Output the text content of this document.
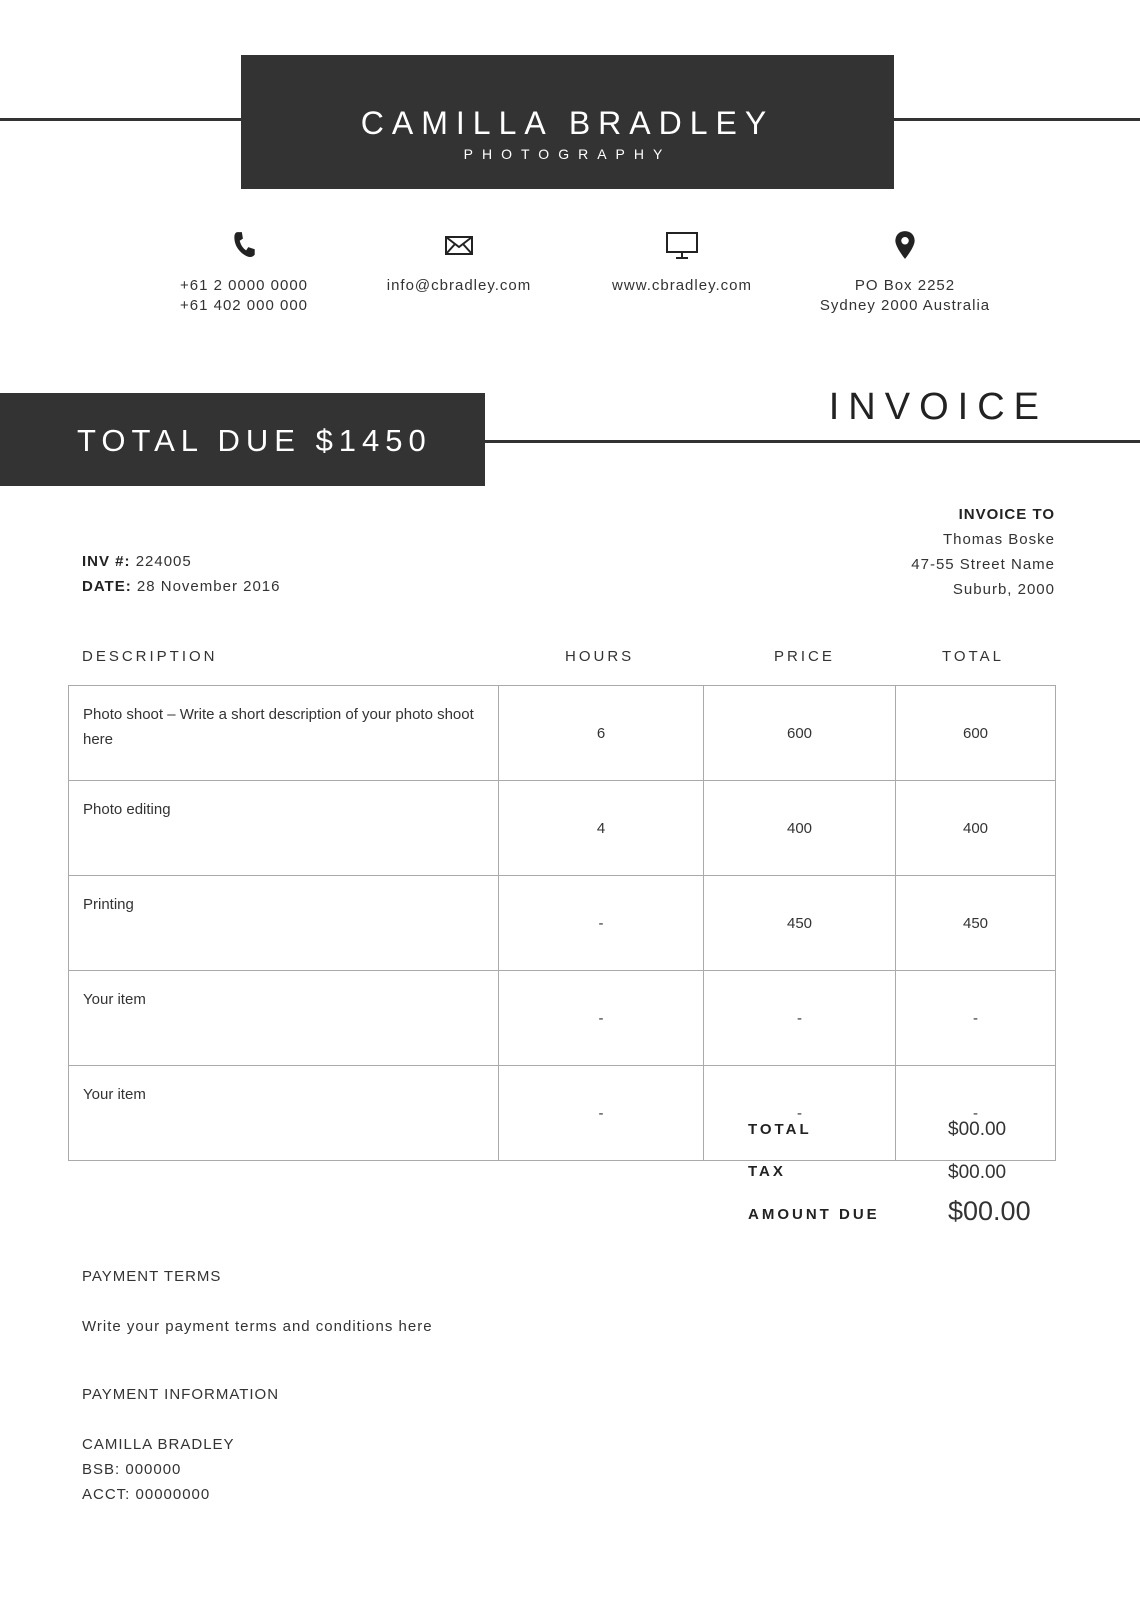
CAMILLA BRADLEY
PHOTOGRAPHY
+61 2 0000 0000
+61 402 000 000
info@cbradley.com	www.cbradley.com	PO Box 2252
Sydney 2000 Australia
TOTAL DUE $1450
INVOICE
INV #: 224005
DATE: 28 November 2016
INVOICE TO
Thomas Boske
47-55 Street Name
Suburb, 2000
DESCRIPTION	HOURS	PRICE	TOTAL
Photo shoot – Write a short description of your photo shoot here	6	600	600
Photo editing	4	400	400
Printing	-	450	450
Your item	-	-	-
Your item	-	-	-
TOTAL	$00.00
TAX	$00.00
AMOUNT DUE	$00.00
PAYMENT TERMS
Write your payment terms and conditions here
PAYMENT INFORMATION
CAMILLA BRADLEY
BSB: 000000
ACCT: 00000000
